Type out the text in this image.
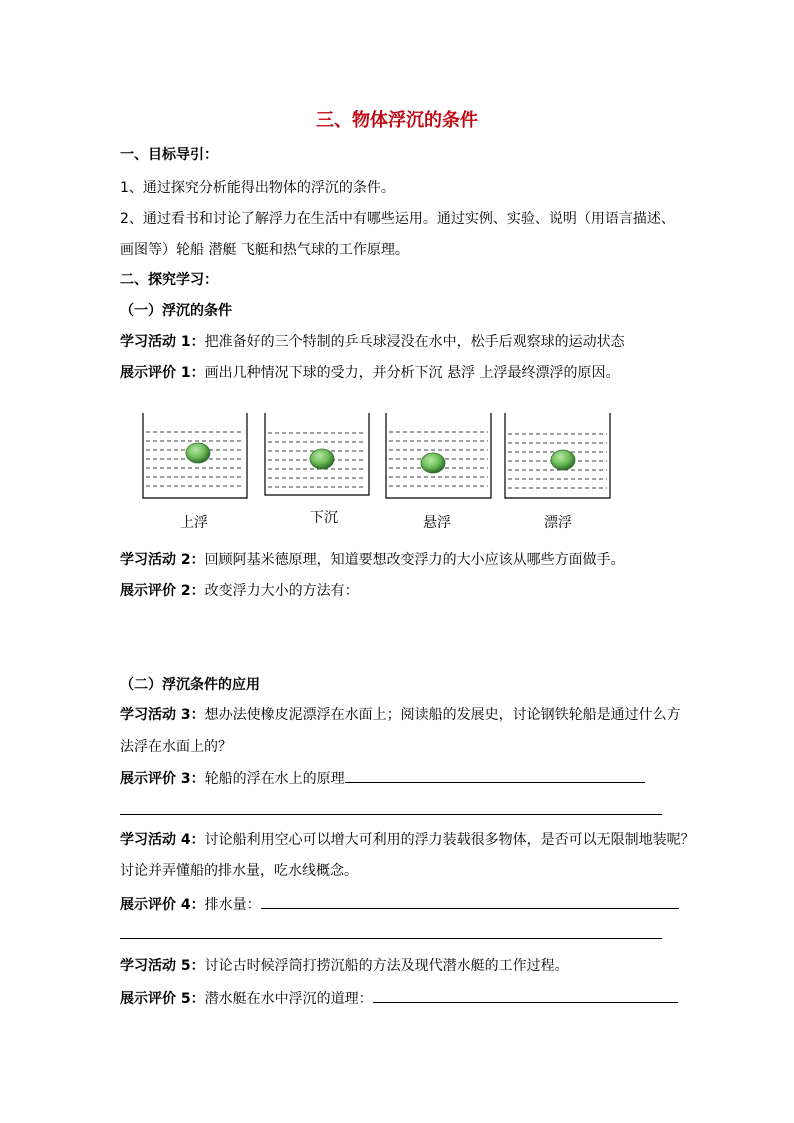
三、物体浮沉的条件
一、目标导引：
1、通过探究分析能得出物体的浮沉的条件。
2、通过看书和讨论了解浮力在生活中有哪些运用。通过实例、实验、说明（用语言描述、
画图等）轮船 潜艇 飞艇和热气球的工作原理。
二、探究学习：
（一）浮沉的条件
学习活动 1：把准备好的三个特制的乒乓球浸没在水中，松手后观察球的运动状态
展示评价 1：画出几种情况下球的受力，并分析下沉 悬浮 上浮最终漂浮的原因。
上浮	下沉	悬浮	漂浮
学习活动 2：回顾阿基米德原理，知道要想改变浮力的大小应该从哪些方面做手。
展示评价 2：改变浮力大小的方法有：
（二）浮沉条件的应用
学习活动 3：想办法使橡皮泥漂浮在水面上；阅读船的发展史，讨论钢铁轮船是通过什么方
法浮在水面上的？
展示评价 3：轮船的浮在水上的原理
学习活动 4：讨论船利用空心可以增大可利用的浮力装载很多物体，是否可以无限制地装呢？
讨论并弄懂船的排水量，吃水线概念。
展示评价 4：排水量：
学习活动 5：讨论古时候浮筒打捞沉船的方法及现代潜水艇的工作过程。
展示评价 5：潜水艇在水中浮沉的道理：
